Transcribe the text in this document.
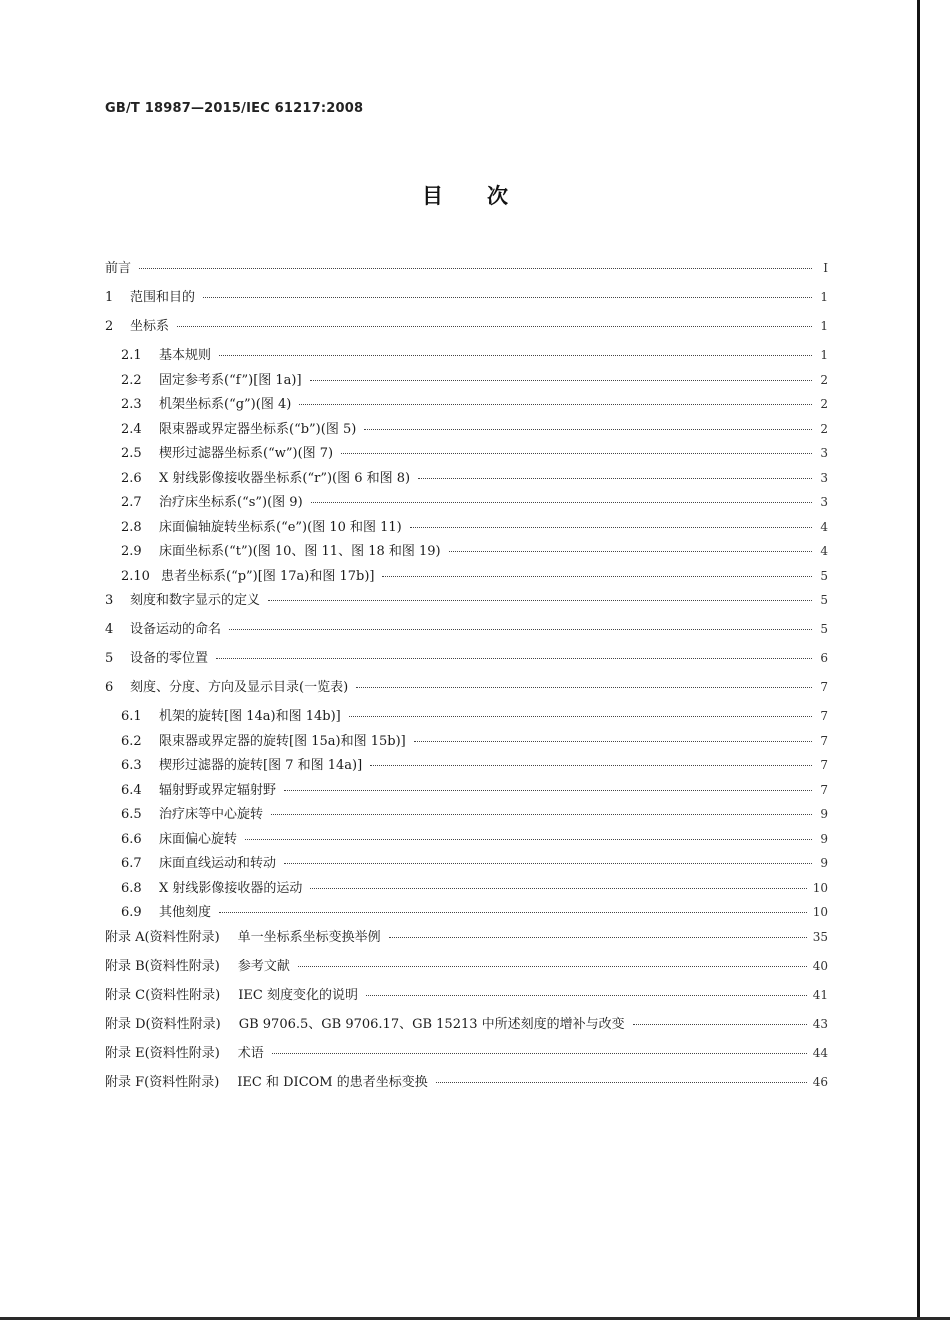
GB/T 18987—2015/IEC 61217:2008
目次
前言	Ⅰ
1	范围和目的	1
2	坐标系	1
2.1	基本规则	1
2.2	固定参考系(“f”)[图 1a)]	2
2.3	机架坐标系(“g”)(图 4)	2
2.4	限束器或界定器坐标系(“b”)(图 5)	2
2.5	楔形过滤器坐标系(“w”)(图 7)	3
2.6	X 射线影像接收器坐标系(“r”)(图 6 和图 8)	3
2.7	治疗床坐标系(“s”)(图 9)	3
2.8	床面偏轴旋转坐标系(“e”)(图 10 和图 11)	4
2.9	床面坐标系(“t”)(图 10、图 11、图 18 和图 19)	4
2.10 患者坐标系(“p”)[图 17a)和图 17b)]	5
3	刻度和数字显示的定义	5
4	设备运动的命名	5
5	设备的零位置	6
6	刻度、分度、方向及显示目录(一览表)	7
6.1	机架的旋转[图 14a)和图 14b)]	7
6.2	限束器或界定器的旋转[图 15a)和图 15b)]	7
6.3	楔形过滤器的旋转[图 7 和图 14a)]	7
6.4	辐射野或界定辐射野	7
6.5	治疗床等中心旋转	9
6.6	床面偏心旋转	9
6.7	床面直线运动和转动	9
6.8	X 射线影像接收器的运动	10
6.9	其他刻度	10
附录 A(资料性附录) 单一坐标系坐标变换举例	35
附录 B(资料性附录) 参考文献	40
附录 C(资料性附录) IEC 刻度变化的说明	41
附录 D(资料性附录) GB 9706.5、GB 9706.17、GB 15213 中所述刻度的增补与改变	43
附录 E(资料性附录) 术语	44
附录 F(资料性附录) IEC 和 DICOM 的患者坐标变换	46
